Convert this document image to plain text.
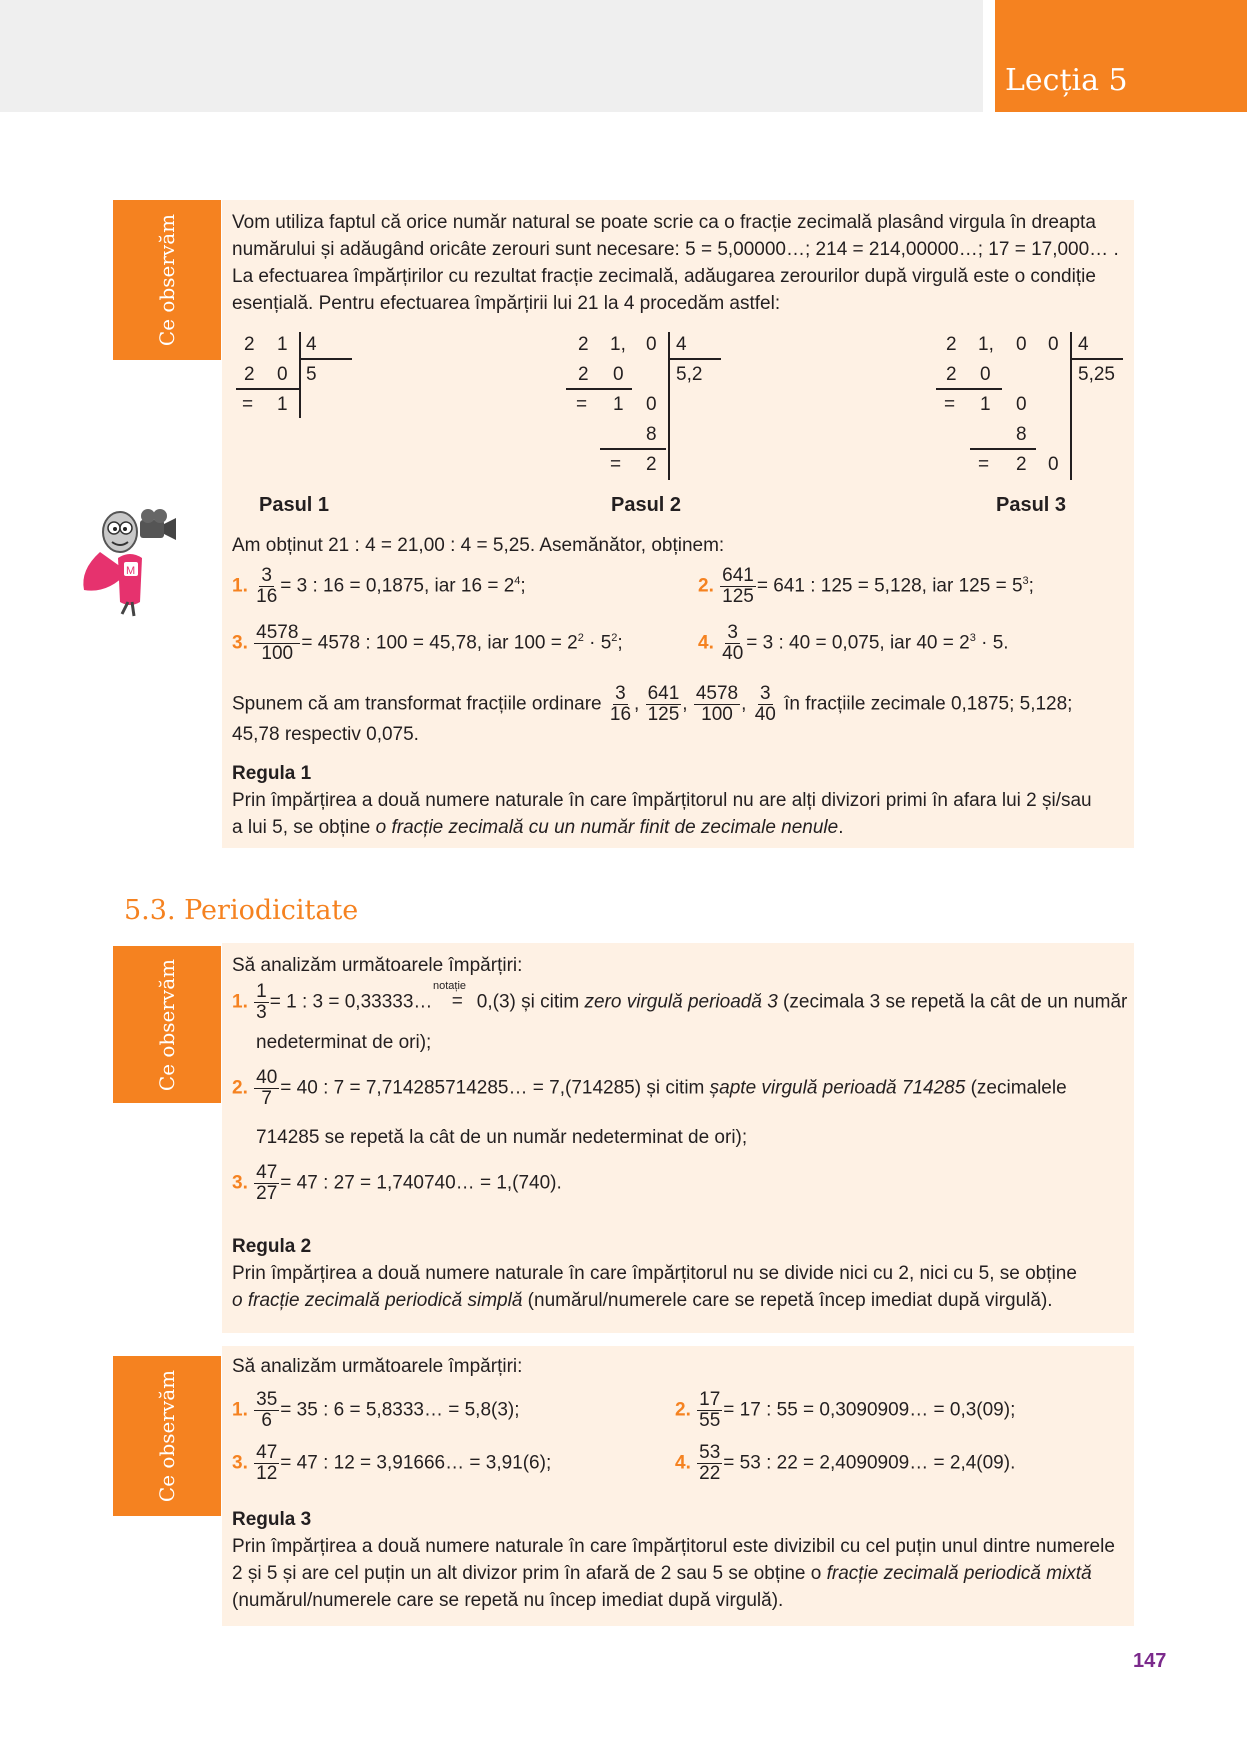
Lecția 5
Ce observăm	Vom utiliza faptul că orice număr natural se poate scrie ca o fracție zecimală plasând virgula în dreapta
numărului și adăugând oricâte zerouri sunt necesare: 5 = 5,00000…; 214 = 214,00000…; 17 = 17,000… .
La efectuarea împărțirilor cu rezultat fracție zecimală, adăugarea zerourilor după virgulă este o condiție
esențială. Pentru efectuarea împărțirii lui 21 la 4 procedăm astfel:
2 1 4
2 0 5
= 1
2 1, 0 4
2 0	5,2
= 1 0
8
= 2
2 1, 0 0 4
2 0	5,25
= 1 0
8
= 2 0
Pasul 1	Pasul 2	Pasul 3
M
Am obținut 21 : 4 = 21,00 : 4 = 5,25. Asemănător, obținem:
1. $\frac{3}{16} = 3$ : 16 = 0,1875, iar $16 = 2^4$;	2. $\frac{641}{125} = 641$ : 125 = 5,128, iar $125 = 5^3$;
3. $\frac{4578}{100} = 4578$ : 100 = 45,78, iar $100 = 2^2 \cdot 5^2$;	4. $\frac{3}{40} = 3$ : 40 = 0,075, iar $40 = 2^3 \cdot 5$.
Spunem că am transformat fracțiile ordinare $\frac{3}{16}$ , $\frac{641}{125}$ , $\frac{4578}{100}$ , $\frac{3}{40}$ în fracțiile zecimale 0,1875; 5,128;
45,78 respectiv 0,075.
Regula 1
Prin împărțirea a două numere naturale în care împărțitorul nu are alți divizori primi în afara lui 2 și/sau
a lui 5, se obține o fracție zecimală cu un număr finit de zecimale nenule.
5.3. Periodicitate
Ce observăm	Să analizăm următoarele împărțiri:
1. $\frac{1}{3} = 1$ : 3 = 0,33333… = 0,(3) și citim zero virgulă perioadă 3 (zecimala 3 se repetă la cât de un număr
notație
nedeterminat de ori);
2. $\frac{40}{7} = 40$ : 7 = 7,714285714285… = 7,(714285) și citim șapte virgulă perioadă 714285 (zecimalele
714285 se repetă la cât de un număr nedeterminat de ori);
3. $\frac{47}{27} = 47$ : 27 = 1,740740… = 1,(740).
Regula 2
Prin împărțirea a două numere naturale în care împărțitorul nu se divide nici cu 2, nici cu 5, se obține
o fracție zecimală periodică simplă (numărul/numerele care se repetă încep imediat după virgulă).
Ce observăm
Să analizăm următoarele împărțiri:
1. $\frac{35}{6} = 35$ : 6 = 5,8333… = 5,8(3);	2. $\frac{17}{55} = 17$ : 55 = 0,3090909… = 0,3(09);
3. $\frac{47}{12} = 47$ : 12 = 3,91666… = 3,91(6);	4. $\frac{53}{22} = 53$ : 22 = 2,4090909… = 2,4(09).
Regula 3
Prin împărțirea a două numere naturale în care împărțitorul este divizibil cu cel puțin unul dintre numerele
2 și 5 și are cel puțin un alt divizor prim în afară de 2 sau 5 se obține o fracție zecimală periodică mixtă
(numărul/numerele care se repetă nu încep imediat după virgulă).
147
